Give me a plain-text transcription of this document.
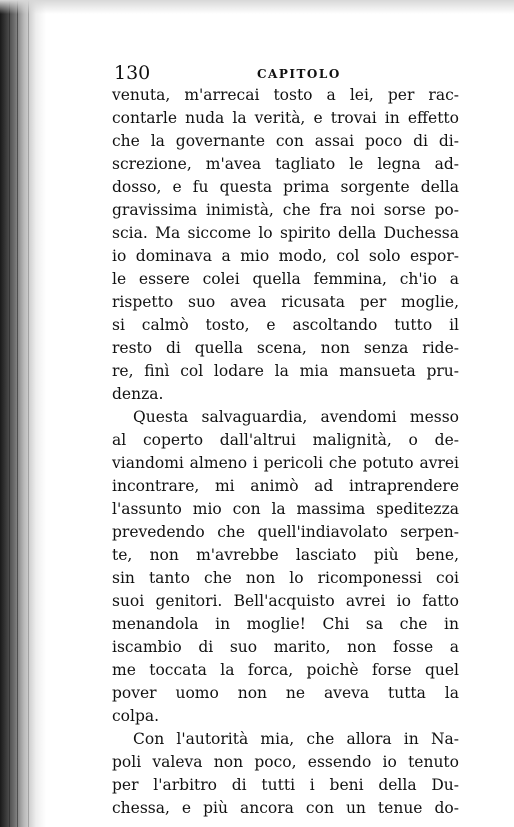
130	CAPITOLO
venuta, m'arrecai tosto a lei, per rac-
contarle nuda la verità, e trovai in effetto
che la governante con assai poco di di-
screzione, m'avea tagliato le legna ad-
dosso, e fu questa prima sorgente della
gravissima inimistà, che fra noi sorse po-
scia. Ma siccome lo spirito della Duchessa
io dominava a mio modo, col solo espor-
le essere colei quella femmina, ch'io a
rispetto suo avea ricusata per moglie,
si calmò tosto, e ascoltando tutto il
resto di quella scena, non senza ride-
re, finì col lodare la mia mansueta pru-
denza.
Questa salvaguardia, avendomi messo
al coperto dall'altrui malignità, o de-
viandomi almeno i pericoli che potuto avrei
incontrare, mi animò ad intraprendere
l'assunto mio con la massima speditezza
prevedendo che quell'indiavolato serpen-
te, non m'avrebbe lasciato più bene,
sin tanto che non lo ricomponessi coi
suoi genitori. Bell'acquisto avrei io fatto
menandola in moglie! Chi sa che in
iscambio di suo marito, non fosse a
me toccata la forca, poichè forse quel
pover uomo non ne aveva tutta la
colpa.
Con l'autorità mia, che allora in Na-
poli valeva non poco, essendo io tenuto
per l'arbitro di tutti i beni della Du-
chessa, e più ancora con un tenue do-
